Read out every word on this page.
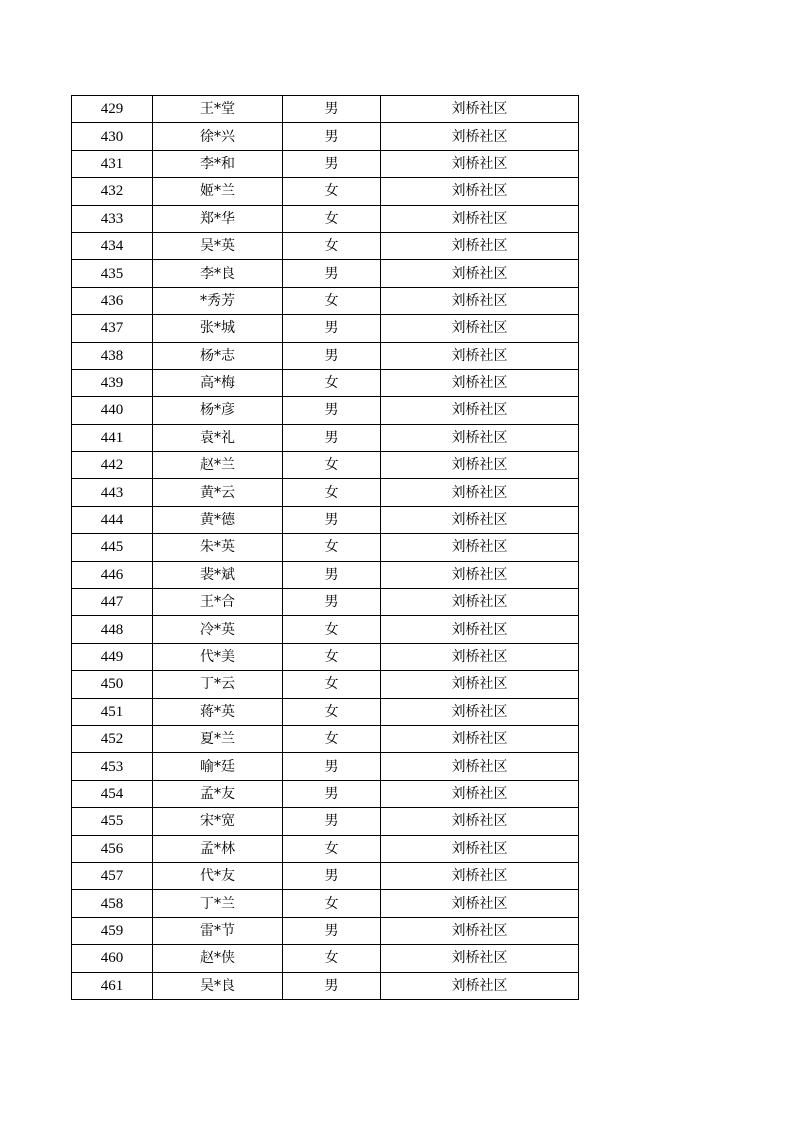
429	王*堂	男	刘桥社区
430	徐*兴	男	刘桥社区
431	李*和	男	刘桥社区
432	姬*兰	女	刘桥社区
433	郑*华	女	刘桥社区
434	吴*英	女	刘桥社区
435	李*良	男	刘桥社区
436	*秀芳	女	刘桥社区
437	张*城	男	刘桥社区
438	杨*志	男	刘桥社区
439	高*梅	女	刘桥社区
440	杨*彦	男	刘桥社区
441	袁*礼	男	刘桥社区
442	赵*兰	女	刘桥社区
443	黄*云	女	刘桥社区
444	黄*德	男	刘桥社区
445	朱*英	女	刘桥社区
446	裴*斌	男	刘桥社区
447	王*合	男	刘桥社区
448	冷*英	女	刘桥社区
449	代*美	女	刘桥社区
450	丁*云	女	刘桥社区
451	蒋*英	女	刘桥社区
452	夏*兰	女	刘桥社区
453	喻*廷	男	刘桥社区
454	孟*友	男	刘桥社区
455	宋*宽	男	刘桥社区
456	孟*林	女	刘桥社区
457	代*友	男	刘桥社区
458	丁*兰	女	刘桥社区
459	雷*节	男	刘桥社区
460	赵*侠	女	刘桥社区
461	吴*良	男	刘桥社区
